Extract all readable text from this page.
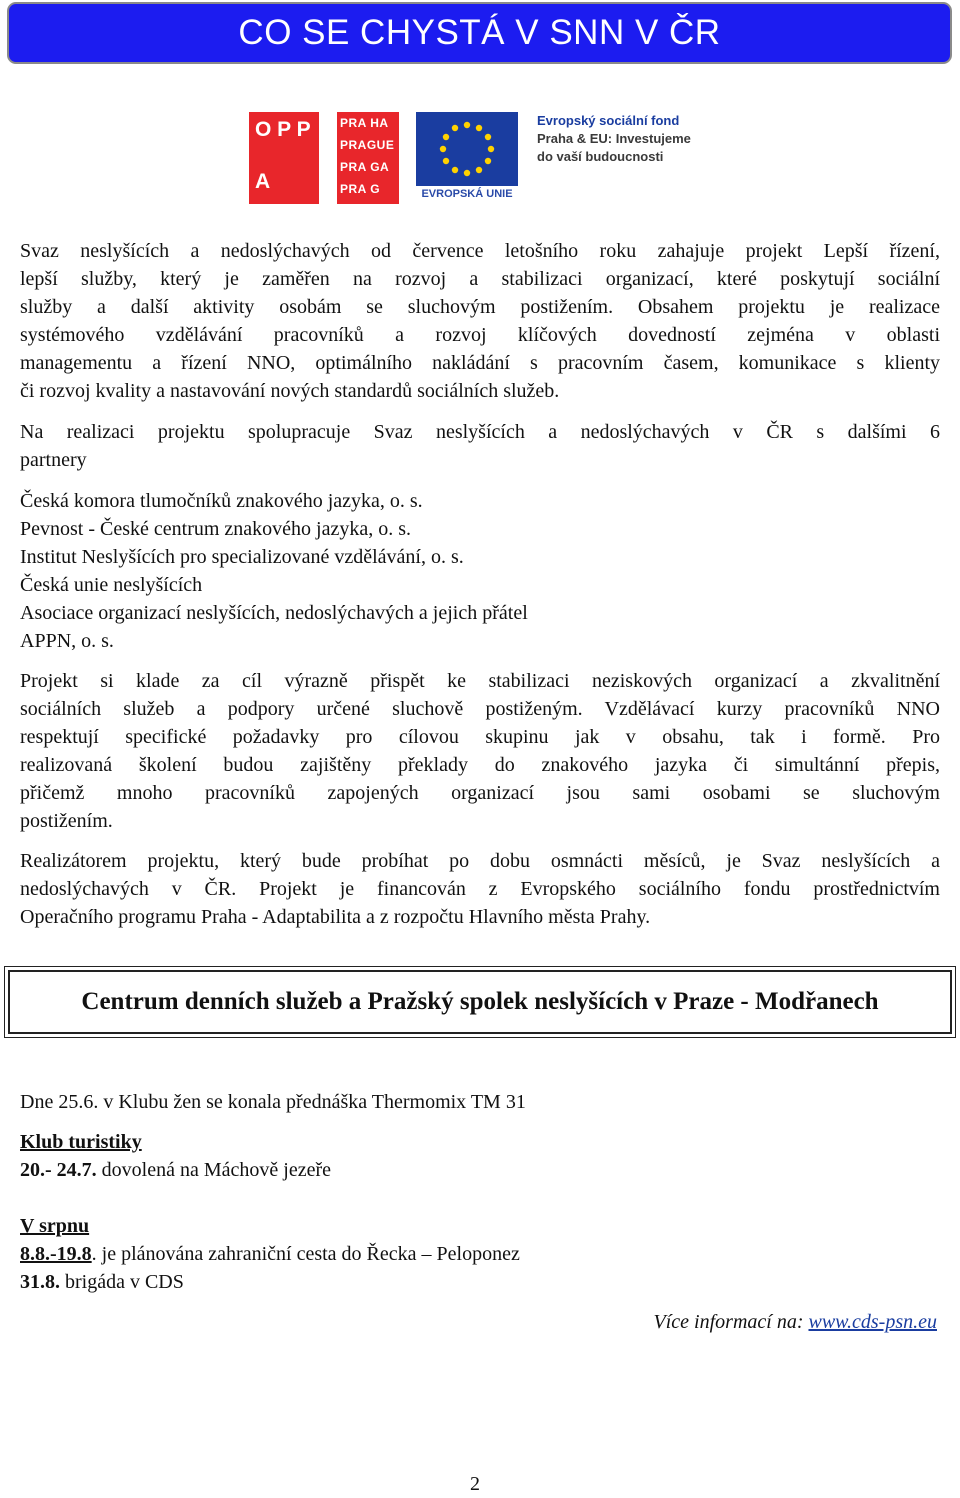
CO SE CHYSTÁ V SNN V ČR
O P P
A
PRA HA
PRAGUE
PRA GA
PRA G	EVROPSKÁ UNIE
Evropský sociální fond
Praha & EU: Investujeme
do vaší budoucnosti
Svaz neslyšících a nedoslýchavých od července letošního roku zahajuje projekt Lepší řízení,
lepší služby, který je zaměřen na rozvoj a stabilizaci organizací, které poskytují sociální
služby a další aktivity osobám se sluchovým postižením. Obsahem projektu je realizace
systémového vzdělávání pracovníků a rozvoj klíčových dovedností zejména v oblasti
managementu a řízení NNO, optimálního nakládání s pracovním časem, komunikace s klienty
či rozvoj kvality a nastavování nových standardů sociálních služeb.
Na realizaci projektu spolupracuje Svaz neslyšících a nedoslýchavých v ČR s dalšími 6
partnery
Česká komora tlumočníků znakového jazyka, o. s.
Pevnost - České centrum znakového jazyka, o. s.
Institut Neslyšících pro specializované vzdělávání, o. s.
Česká unie neslyšících
Asociace organizací neslyšících, nedoslýchavých a jejich přátel
APPN, o. s.
Projekt si klade za cíl výrazně přispět ke stabilizaci neziskových organizací a zkvalitnění
sociálních služeb a podpory určené sluchově postiženým. Vzdělávací kurzy pracovníků NNO
respektují specifické požadavky pro cílovou skupinu jak v obsahu, tak i formě. Pro
realizovaná školení budou zajištěny překlady do znakového jazyka či simultánní přepis,
přičemž mnoho pracovníků zapojených organizací jsou sami osobami se sluchovým
postižením.
Realizátorem projektu, který bude probíhat po dobu osmnácti měsíců, je Svaz neslyšících a
nedoslýchavých v ČR. Projekt je financován z Evropského sociálního fondu prostřednictvím
Operačního programu Praha - Adaptabilita a z rozpočtu Hlavního města Prahy.
Centrum denních služeb a Pražský spolek neslyšících v Praze - Modřanech
Dne 25.6. v Klubu žen se konala přednáška Thermomix TM 31
Klub turistiky
20.- 24.7. dovolená na Máchově jezeře
V srpnu
8.8.-19.8. je plánována zahraniční cesta do Řecka – Peloponez
31.8. brigáda v CDS
Více informací na: www.cds-psn.eu
2
